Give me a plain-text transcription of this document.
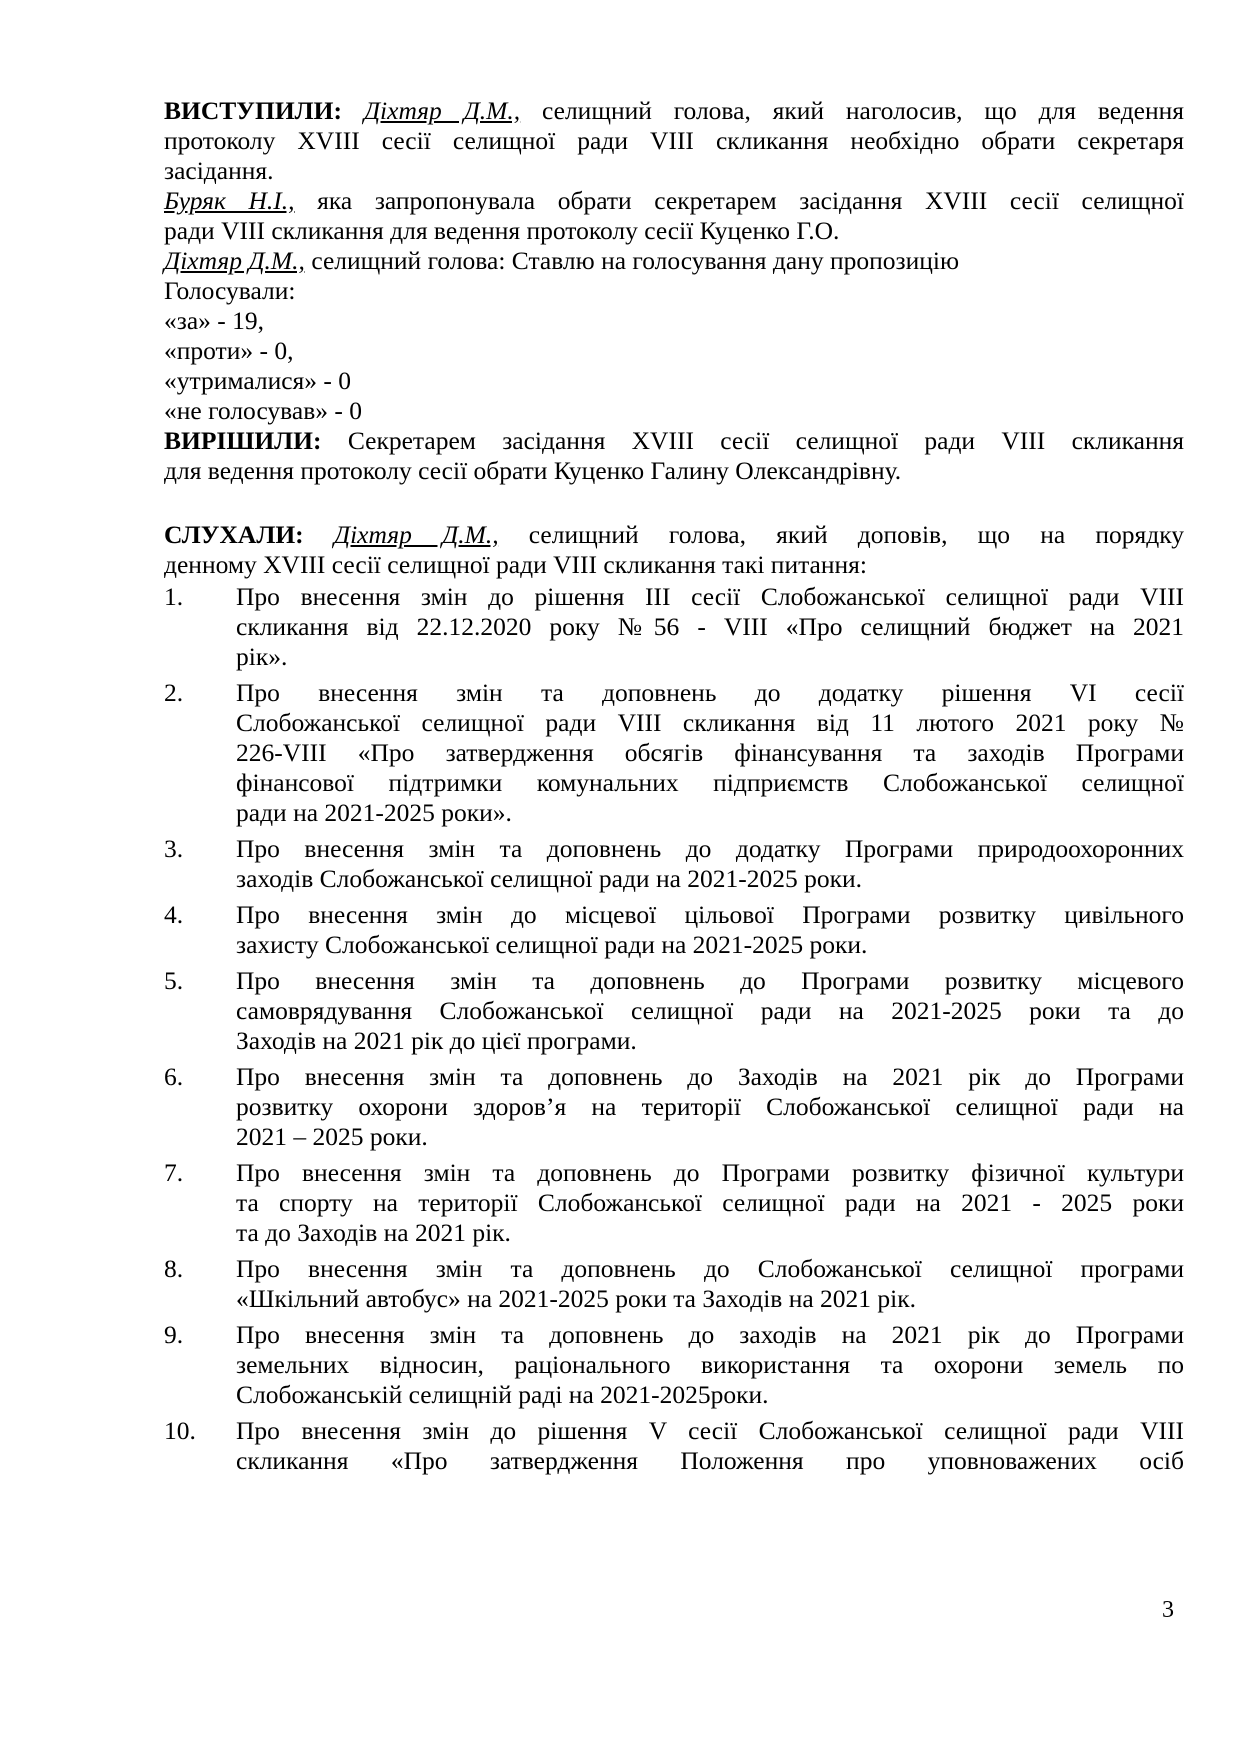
ВИСТУПИЛИ: Діхтяр Д.М., селищний голова, який наголосив, що для ведення
протоколу XVIII сесії селищної ради VIII скликання необхідно обрати секретаря
засідання.
Буряк Н.І., яка запропонувала обрати секретарем засідання XVIII сесії селищної
ради VIII скликання для ведення протоколу сесії Куценко Г.О.
Діхтяр Д.М., селищний голова: Ставлю на голосування дану пропозицію
Голосували:
«за» - 19,
«проти» - 0,
«утрималися» - 0
«не голосував» - 0
ВИРІШИЛИ: Секретарем засідання XVIII сесії селищної ради VIII скликання
для ведення протоколу сесії обрати Куценко Галину Олександрівну.
СЛУХАЛИ: Діхтяр Д.М., селищний голова, який доповів, що на порядку
денному XVIII сесії селищної ради VIII скликання такі питання:
1. Про внесення змін до рішення III сесії Слобожанської селищної ради VIII
скликання від 22.12.2020 року №56 - VIII «Про селищний бюджет на 2021
рік».
2. Про внесення змін та доповнень до додатку рішення VI сесії
Слобожанської селищної ради VIII скликання від 11 лютого 2021 року №
226-VIII «Про затвердження обсягів фінансування та заходів Програми
фінансової підтримки комунальних підприємств Слобожанської селищної
ради на 2021-2025 роки».
3. Про внесення змін та доповнень до додатку Програми природоохоронних
заходів Слобожанської селищної ради на 2021-2025 роки.
4. Про внесення змін до місцевої цільової Програми розвитку цивільного
захисту Слобожанської селищної ради на 2021-2025 роки.
5. Про внесення змін та доповнень до Програми розвитку місцевого
самоврядування Слобожанської селищної ради на 2021-2025 роки та до
Заходів на 2021 рік до цієї програми.
6. Про внесення змін та доповнень до Заходів на 2021 рік до Програми
розвитку охорони здоров’я на території Слобожанської селищної ради на
2021 – 2025 роки.
7. Про внесення змін та доповнень до Програми розвитку фізичної культури
та спорту на території Слобожанської селищної ради на 2021 - 2025 роки
та до Заходів на 2021 рік.
8. Про внесення змін та доповнень до Слобожанської селищної програми
«Шкільний автобус» на 2021-2025 роки та Заходів на 2021 рік.
9. Про внесення змін та доповнень до заходів на 2021 рік до Програми
земельних відносин, раціонального використання та охорони земель по
Слобожанській селищній раді на 2021-2025роки.
10. Про внесення змін до рішення V сесії Слобожанської селищної ради VIII
скликання «Про затвердження Положення про уповноважених осіб
3
